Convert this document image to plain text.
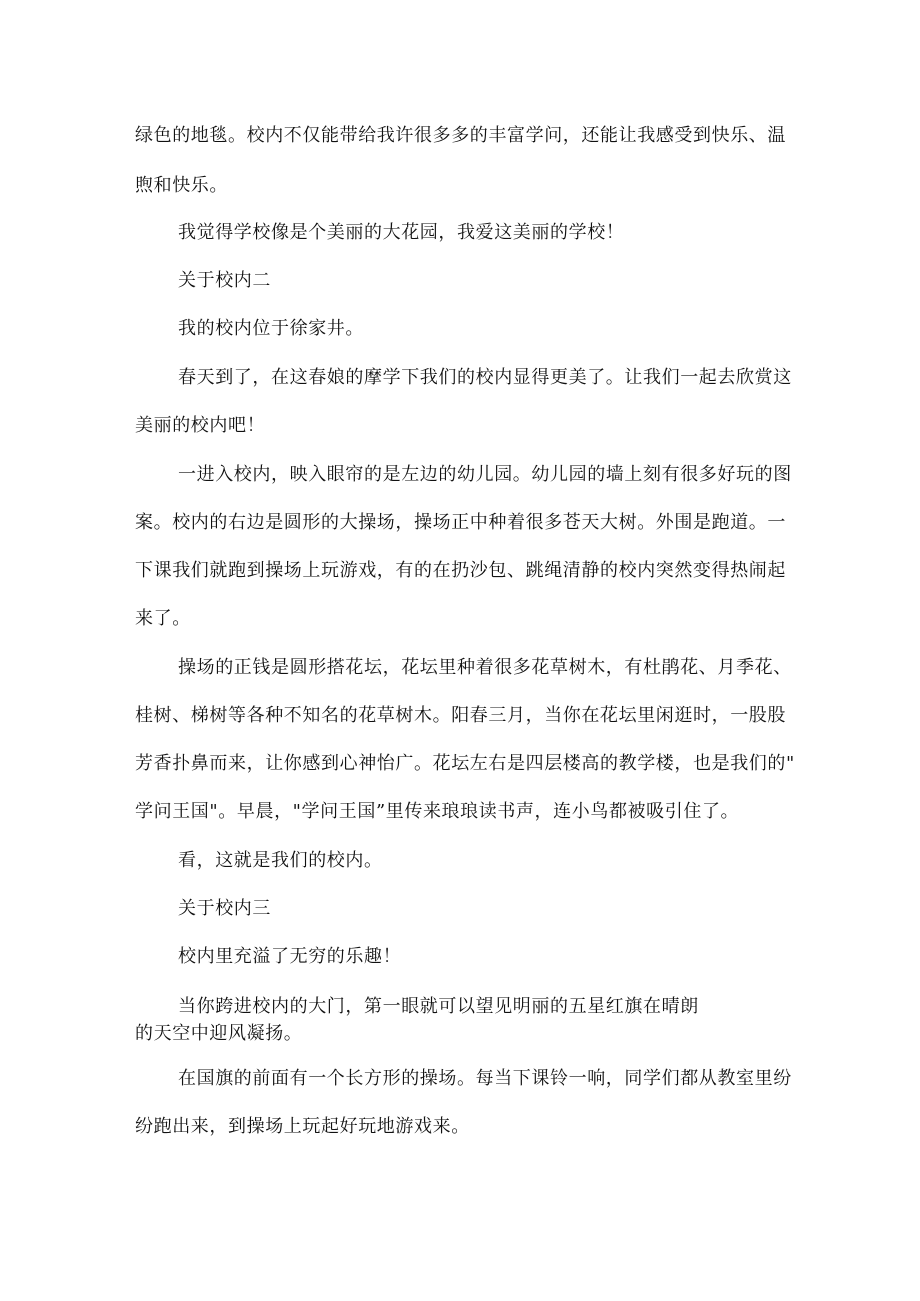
绿色的地毯。校内不仅能带给我许很多多的丰富学问，还能让我感受到快乐、温
煦和快乐。
我觉得学校像是个美丽的大花园，我爱这美丽的学校！
关于校内二
我的校内位于徐家井。
春天到了，在这春娘的摩学下我们的校内显得更美了。让我们一起去欣赏这
美丽的校内吧！
一进入校内，映入眼帘的是左边的幼儿园。幼儿园的墙上刻有很多好玩的图
案。校内的右边是圆形的大操场，操场正中种着很多苍天大树。外围是跑道。一
下课我们就跑到操场上玩游戏，有的在扔沙包、跳绳清静的校内突然变得热闹起
来了。
操场的正钱是圆形搭花坛，花坛里种着很多花草树木，有杜鹃花、月季花、
桂树、梯树等各种不知名的花草树木。阳春三月，当你在花坛里闲逛时，一股股
芳香扑鼻而来，让你感到心神怡广。花坛左右是四层楼高的教学楼，也是我们的"
学问王国"。早晨，"学问王国”里传来琅琅读书声，连小鸟都被吸引住了。
看，这就是我们的校内。
关于校内三
校内里充溢了无穷的乐趣！
当你跨进校内的大门，第一眼就可以望见明丽的五星红旗在晴朗
的天空中迎风凝扬。
在国旗的前面有一个长方形的操场。每当下课铃一响，同学们都从教室里纷
纷跑出来，到操场上玩起好玩地游戏来。
